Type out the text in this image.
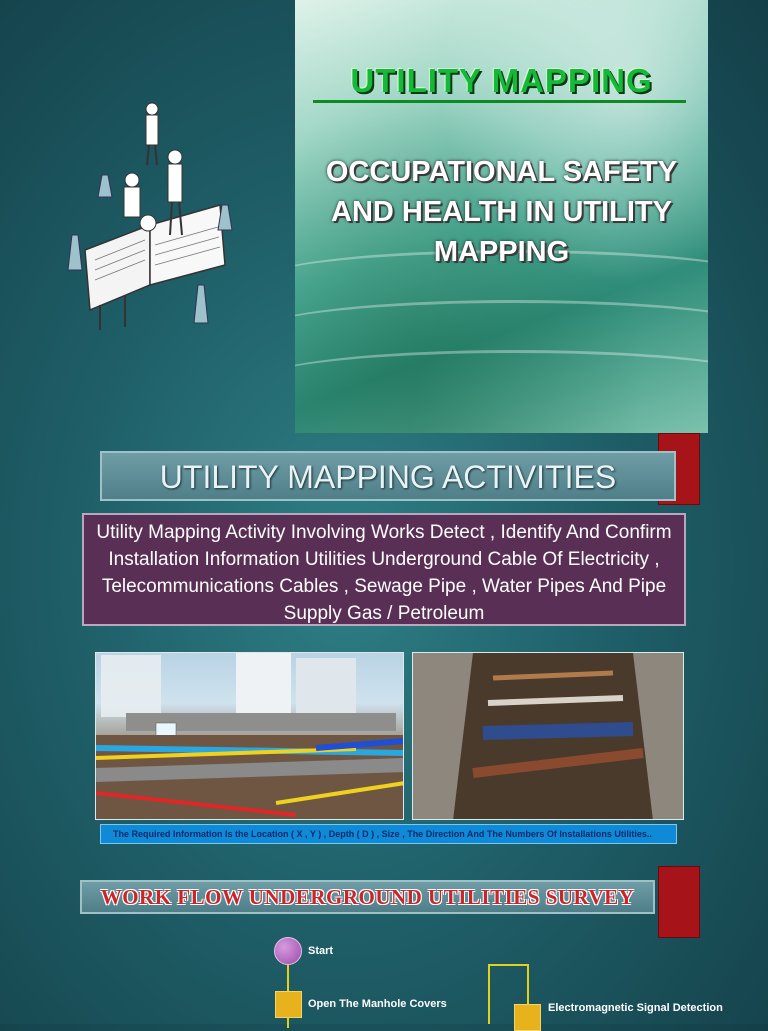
UTILITY MAPPING
OCCUPATIONAL SAFETY
AND HEALTH IN UTILITY
MAPPING
UTILITY MAPPING ACTIVITIES
Utility Mapping Activity Involving Works Detect , Identify And Confirm
Installation Information Utilities Underground Cable Of Electricity ,
Telecommunications Cables , Sewage Pipe , Water Pipes And Pipe
Supply Gas / Petroleum
The Required Information Is the Location ( X , Y ) , Depth ( D ) , Size , The Direction And The Numbers Of Installations Utilities..
WORK FLOW UNDERGROUND UTILITIES SURVEY
Start
Open The Manhole Covers	Electromagnetic Signal Detection
